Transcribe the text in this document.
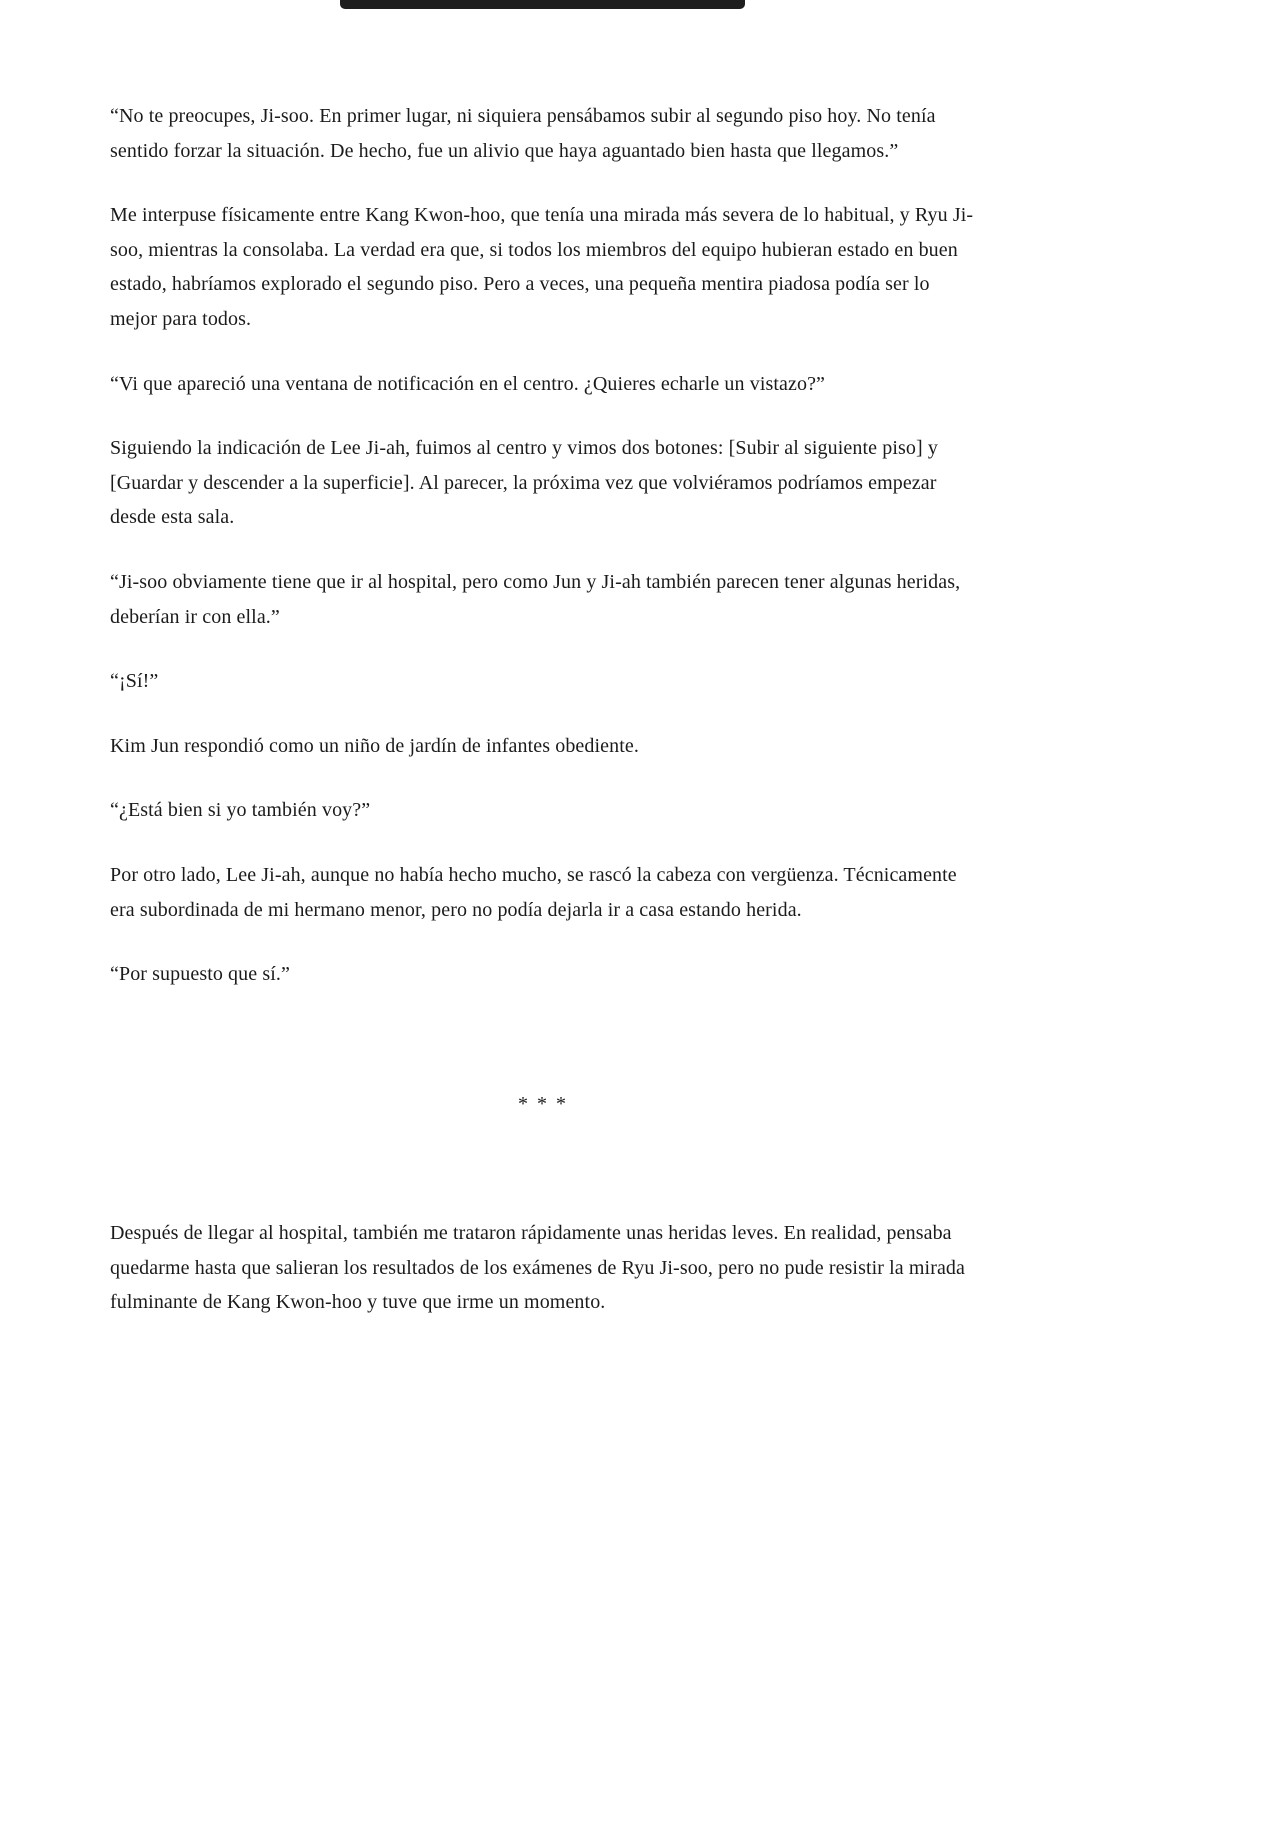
“No te preocupes, Ji-soo. En primer lugar, ni siquiera pensábamos subir al segundo piso hoy. No tenía sentido forzar la situación. De hecho, fue un alivio que haya aguantado bien hasta que llegamos.”

Me interpuse físicamente entre Kang Kwon-hoo, que tenía una mirada más severa de lo habitual, y Ryu Ji-soo, mientras la consolaba. La verdad era que, si todos los miembros del equipo hubieran estado en buen estado, habríamos explorado el segundo piso. Pero a veces, una pequeña mentira piadosa podía ser lo mejor para todos.

“Vi que apareció una ventana de notificación en el centro. ¿Quieres echarle un vistazo?”

Siguiendo la indicación de Lee Ji-ah, fuimos al centro y vimos dos botones: [Subir al siguiente piso] y [Guardar y descender a la superficie]. Al parecer, la próxima vez que volviéramos podríamos empezar desde esta sala.

“Ji-soo obviamente tiene que ir al hospital, pero como Jun y Ji-ah también parecen tener algunas heridas, deberían ir con ella.”

“¡Sí!”

Kim Jun respondió como un niño de jardín de infantes obediente.

“¿Está bien si yo también voy?”

Por otro lado, Lee Ji-ah, aunque no había hecho mucho, se rascó la cabeza con vergüenza. Técnicamente era subordinada de mi hermano menor, pero no podía dejarla ir a casa estando herida.

“Por supuesto que sí.”

* * *

Después de llegar al hospital, también me trataron rápidamente unas heridas leves. En realidad, pensaba quedarme hasta que salieran los resultados de los exámenes de Ryu Ji-soo, pero no pude resistir la mirada fulminante de Kang Kwon-hoo y tuve que irme un momento.
